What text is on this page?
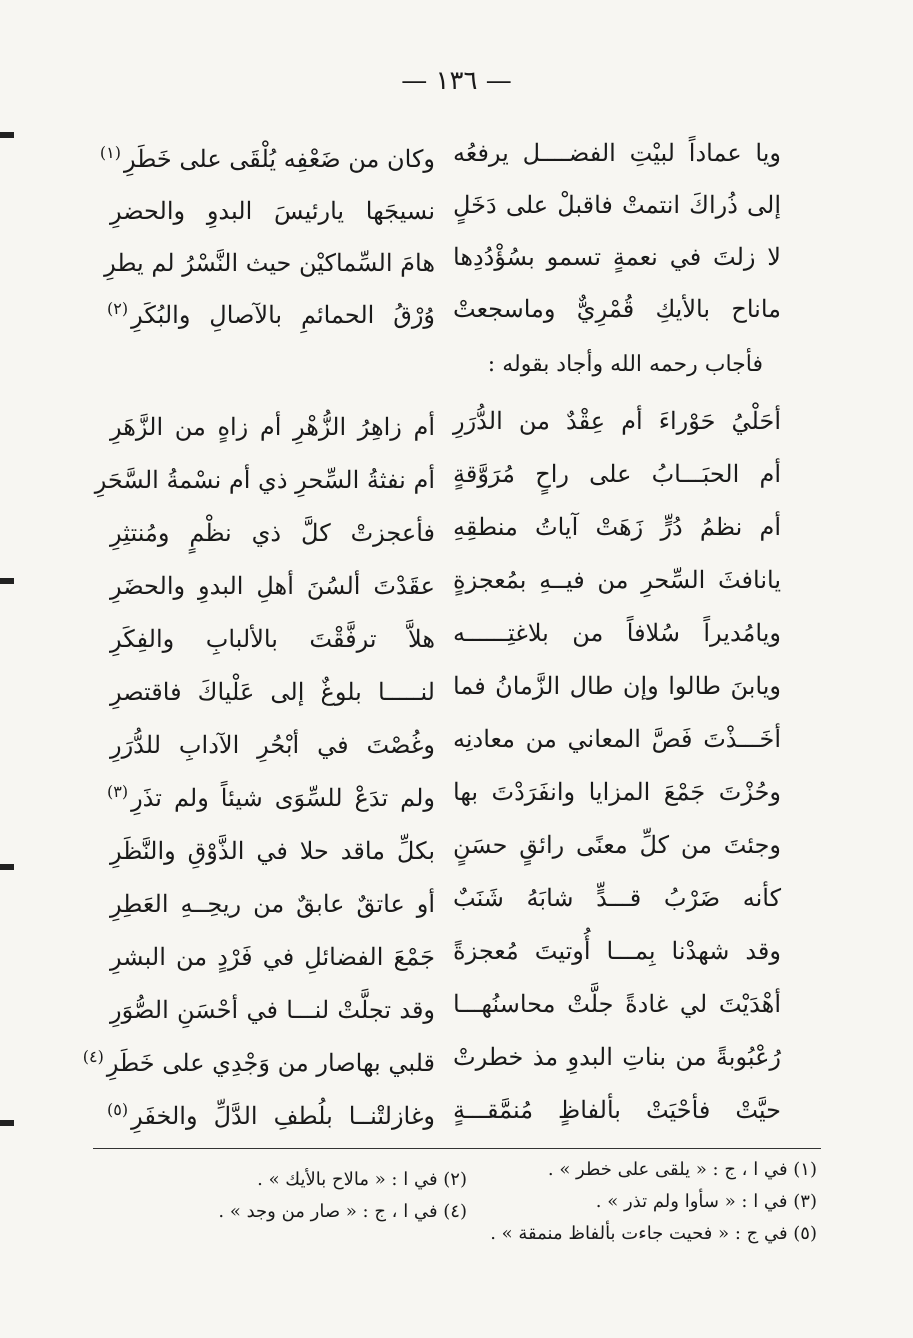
— ١٣٦ —
ويا عماداً لبيْتِ الفضــــل يرفعُه
وكان من ضَعْفِه يُلْقَى على خَطَرِ$^{(١)}$
إلى ذُراكَ انتمتْ فاقبلْ على دَخَلٍ
نسيجَها يارئيسَ البدوِ والحضرِ
لا زلتَ في نعمةٍ تسمو بسُؤْدُدِها
هامَ السِّماكيْن حيث النَّسْرُ لم يطرِ
ماناح بالأيكِ قُمْرِيٌّ وماسجعتْ
وُرْقُ الحمائمِ بالآصالِ والبُكَرِ$^{(٢)}$
فأجاب رحمه الله وأجاد بقوله :
أحَلْيُ حَوْراءَ أم عِقْدٌ من الدُّرَرِ
أم زاهِرُ الزُّهْرِ أم زاهٍ من الزَّهَرِ
أم الحبَـــابُ على راحٍ مُرَوَّقةٍ
أم نفثةُ السِّحرِ ذي أم نسْمةُ السَّحَرِ
أم نظمُ دُرٍّ زَهَتْ آياتُ منطقِهِ
فأعجزتْ كلَّ ذي نظْمٍ ومُنتثِرِ
يانافثَ السِّحرِ من فيــهِ بمُعجزةٍ
عقَدْتَ ألسُنَ أهلِ البدوِ والحضَرِ
ويامُديراً سُلافاً من بلاغتِــــــه
هلاَّ ترفَّقْتَ بالألبابِ والفِكَرِ
ويابنَ طالوا وإن طال الزَّمانُ فما
لنـــــا بلوغٌ إلى عَلْياكَ فاقتصرِ
أخَـــذْتَ فَصَّ المعاني من معادنِه
وغُصْتَ في أبْحُرِ الآدابِ للدُّرَرِ
وحُزْتَ جَمْعَ المزايا وانفَرَدْتَ بها
ولم تدَعْ للسِّوَى شيئاً ولم تذَرِ$^{(٣)}$
وجئتَ من كلِّ معنًى رائقٍ حسَنٍ
بكلِّ ماقد حلا في الذَّوْقِ والنَّظَرِ
كأنه ضَرْبُ قـــدٍّ شابَهُ شَنَبٌ
أو عاتقٌ عابقٌ من ريحِــهِ العَطِرِ
وقد شهدْنا بِمـــا أُوتيتَ مُعجزةً
جَمْعَ الفضائلِ في فَرْدٍ من البشرِ
أهْدَيْتَ لي غادةً جلَّتْ محاسنُهـــا
وقد تجلَّتْ لنـــا في أحْسَنِ الصُّوَرِ
رُعْبُوبةً من بناتِ البدوِ مذ خطرتْ
قلبي بهاصار من وَجْدِي على خَطَرِ$^{(٤)}$
حيَّتْ فأحْيَتْ بألفاظٍ مُنمَّقـــةٍ
وغازلتْنــا بلُطفِ الدَّلِّ والخفَرِ$^{(٥)}$
(١) في ا ، ج : « يلقى على خطر » .
(٣) في ا : « سأوا ولم تذر » .
(٥) في ج : « فحيت جاءت بألفاظ منمقة » .
(٢) في ا : « مالاح بالأيك » .
(٤) في ا ، ج : « صار من وجد » .
